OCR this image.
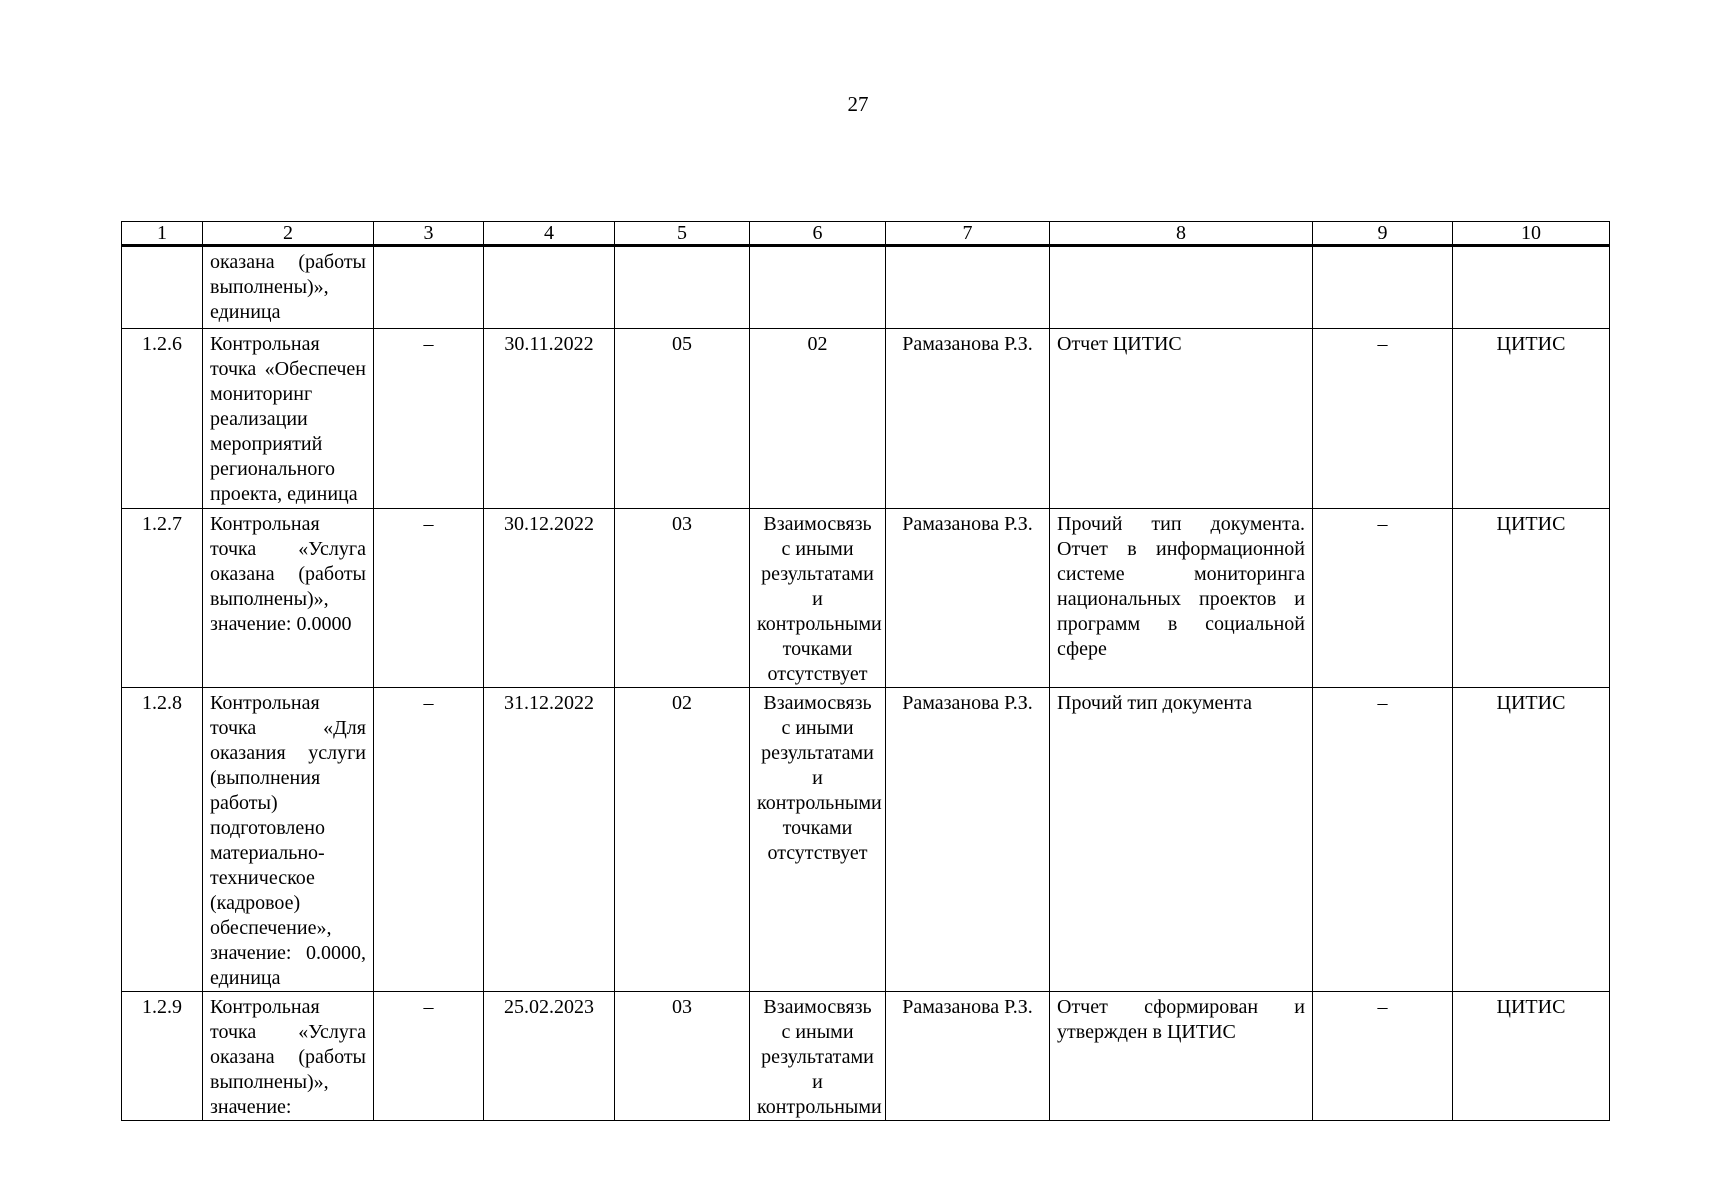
27
1	2	3	4	5	6	7	8	9	10
	оказана (работы выполнены)», единица								
1.2.6	Контрольная точка «Обеспечен мониторинг реализации мероприятий регионального проекта, единица	–	30.11.2022	05	02	Рамазанова Р.З.	Отчет ЦИТИС	–	ЦИТИС
1.2.7	Контрольная точка «Услуга оказана (работы выполнены)», значение: 0.0000	–	30.12.2022	03	Взаимосвязь с иными результатами и контрольными точками отсутствует	Рамазанова Р.З.	Прочий тип документа. Отчет в информационной системе мониторинга национальных проектов и программ в социальной сфере	–	ЦИТИС
1.2.8	Контрольная точка «Для оказания услуги (выполнения работы) подготовлено материально-техническое (кадровое) обеспечение», значение: 0.0000, единица	–	31.12.2022	02	Взаимосвязь с иными результатами и контрольными точками отсутствует	Рамазанова Р.З.	Прочий тип документа	–	ЦИТИС
1.2.9	Контрольная точка «Услуга оказана (работы выполнены)», значение:	–	25.02.2023	03	Взаимосвязь с иными результатами и контрольными	Рамазанова Р.З.	Отчет сформирован и утвержден в ЦИТИС	–	ЦИТИС
